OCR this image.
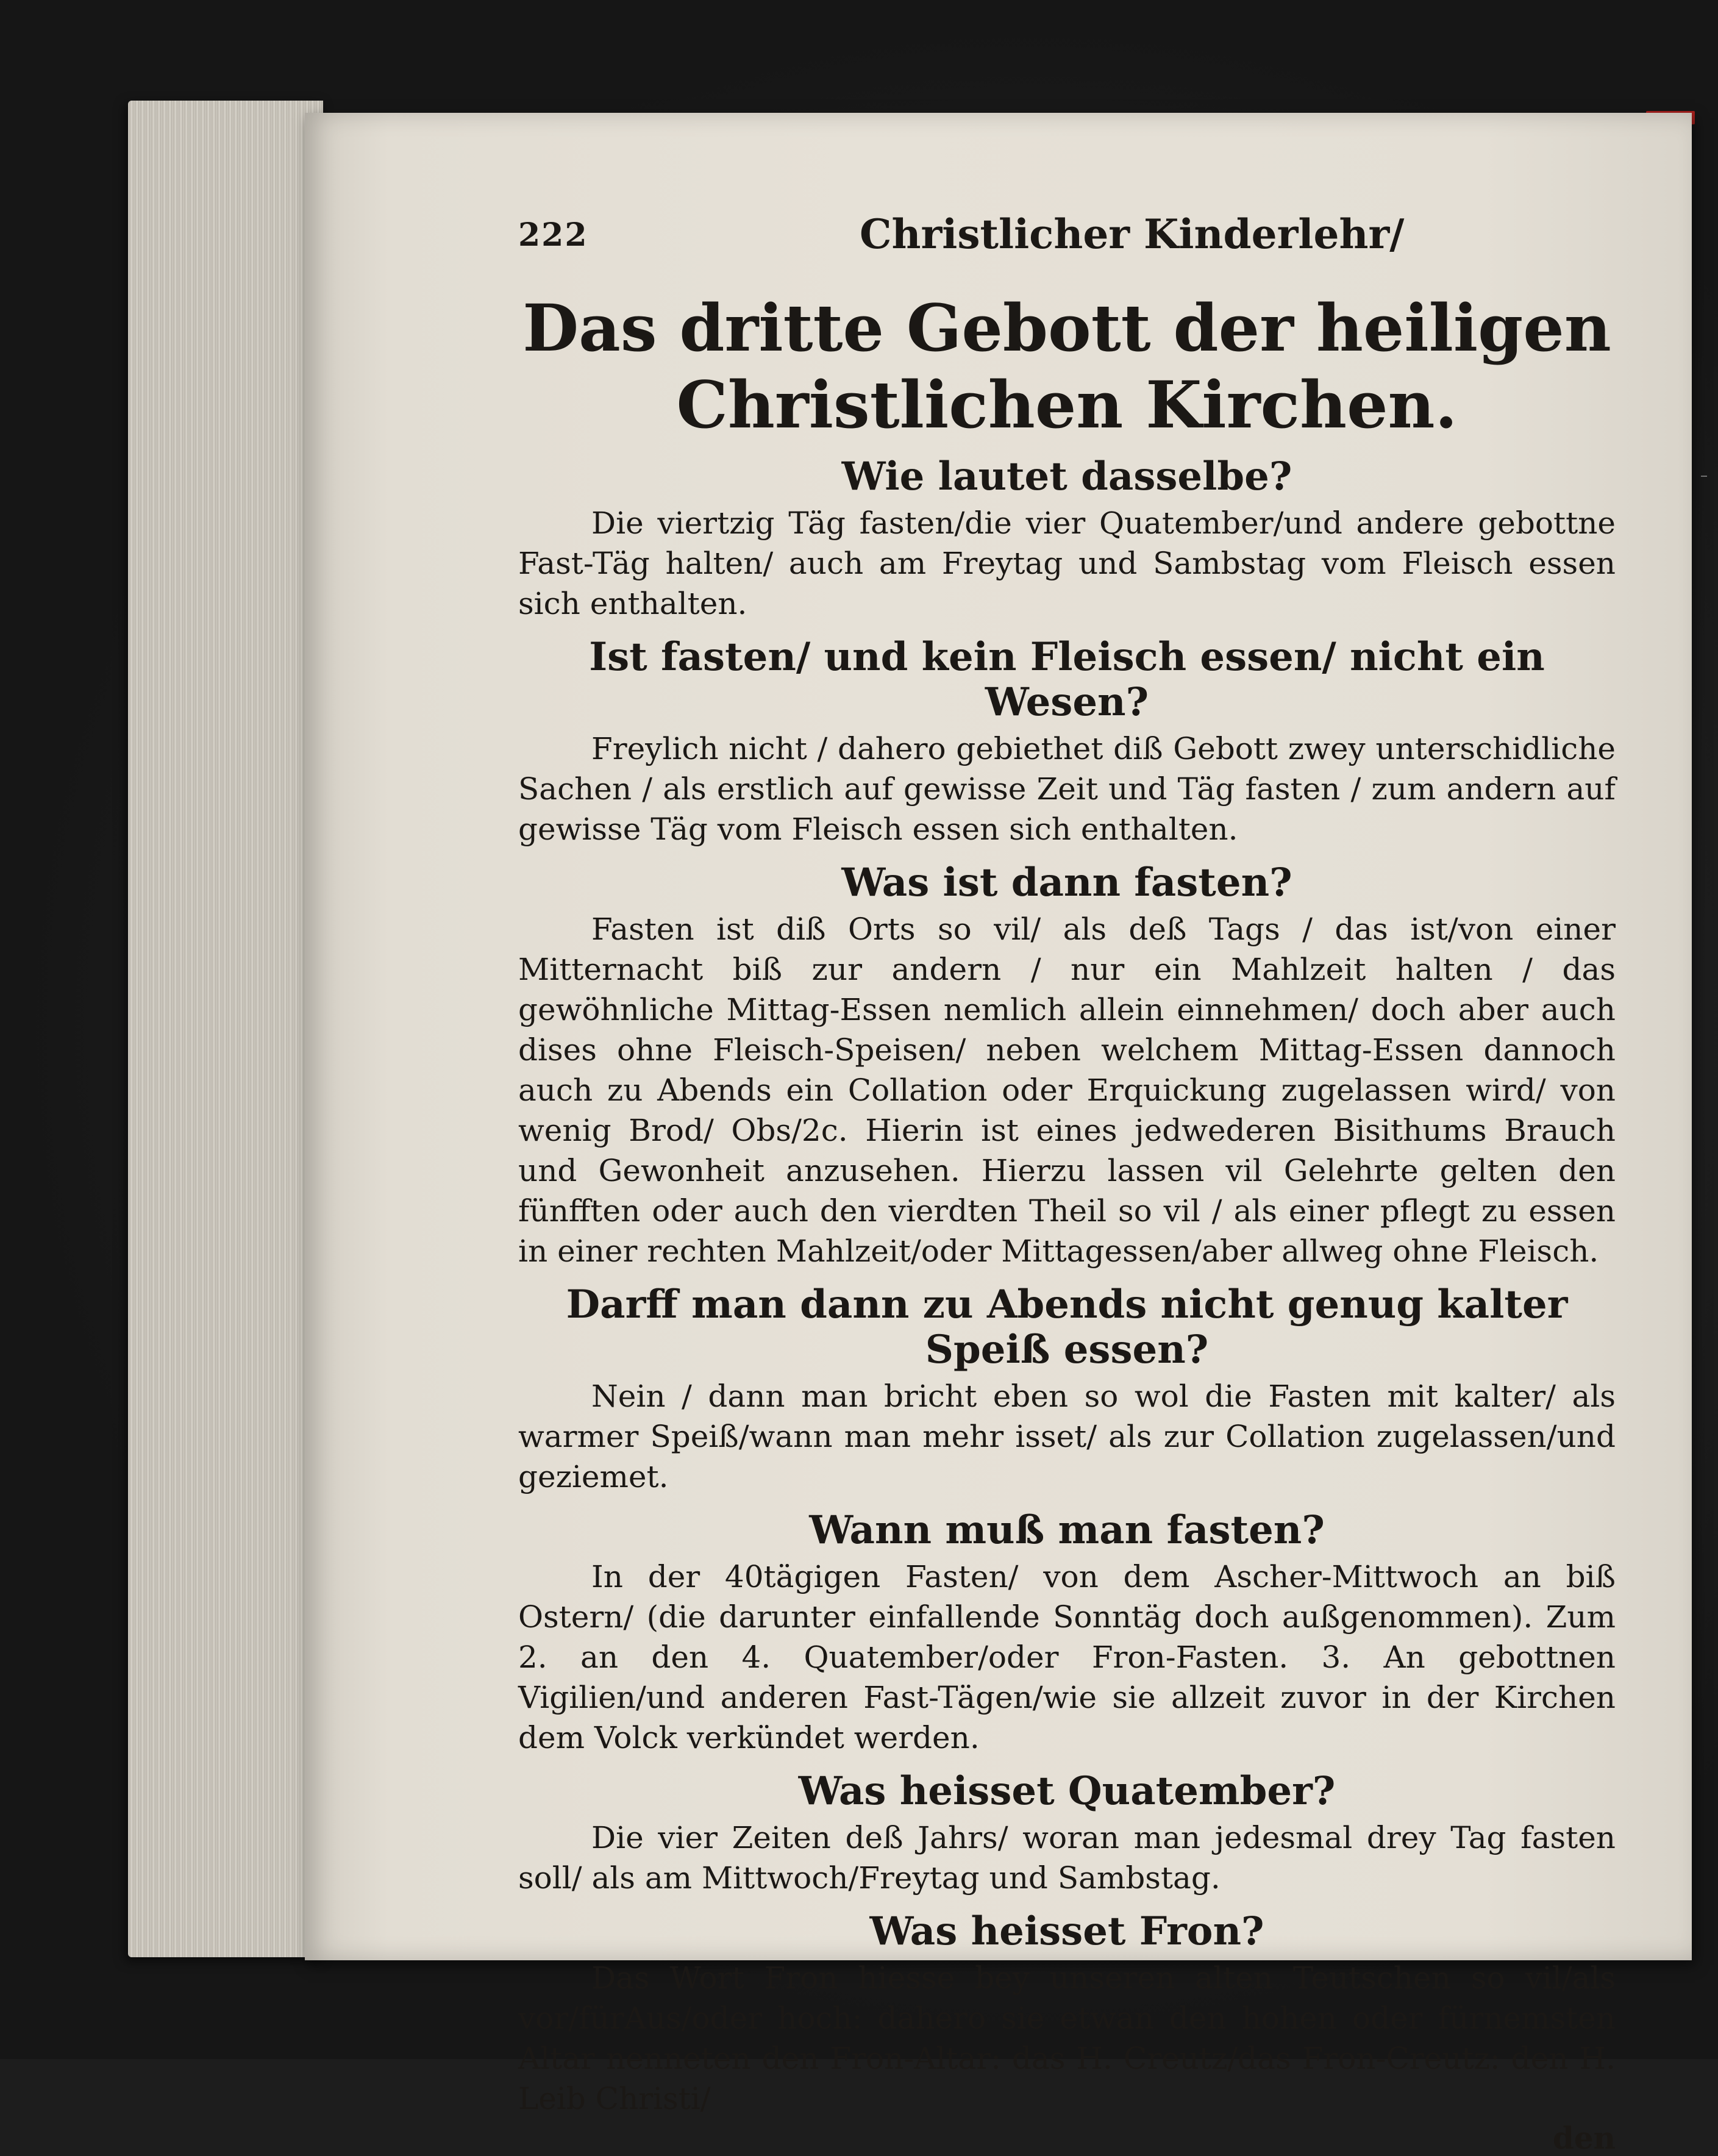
222	Christlicher Kinderlehr/
Das dritte Gebott der heiligen Christlichen Kirchen.
Wie lautet dasselbe?

Die viertzig Täg fasten/die vier Quatember/und andere gebottne Fast-Täg halten/ auch am Freytag und Sambstag vom Fleisch essen sich enthalten.

Ist fasten/ und kein Fleisch essen/ nicht ein Wesen?

Freylich nicht / dahero gebiethet diß Gebott zwey unterschidliche Sachen / als erstlich auf gewisse Zeit und Täg fasten / zum andern auf gewisse Täg vom Fleisch essen sich enthalten.

Was ist dann fasten?

Fasten ist diß Orts so vil/ als deß Tags / das ist/von einer Mitternacht biß zur andern / nur ein Mahlzeit halten / das gewöhnliche Mittag-Essen nemlich allein einnehmen/ doch aber auch dises ohne Fleisch-Speisen/ neben welchem Mittag-Essen dannoch auch zu Abends ein Collation oder Erquickung zugelassen wird/ von wenig Brod/ Obs/2c. Hierin ist eines jedwederen Bisithums Brauch und Gewonheit anzusehen. Hierzu lassen vil Gelehrte gelten den fünfften oder auch den vierdten Theil so vil / als einer pflegt zu essen in einer rechten Mahlzeit/oder Mittagessen/aber allweg ohne Fleisch.

Darff man dann zu Abends nicht genug kalter Speiß essen?

Nein / dann man bricht eben so wol die Fasten mit kalter/ als warmer Speiß/wann man mehr isset/ als zur Collation zugelassen/und geziemet.

Wann muß man fasten?

In der 40tägigen Fasten/ von dem Ascher-Mittwoch an biß Ostern/ (die darunter einfallende Sonntäg doch außgenommen). Zum 2. an den 4. Quatember/oder Fron-Fasten. 3. An gebottnen Vigilien/und anderen Fast-Tägen/wie sie allzeit zuvor in der Kirchen dem Volck verkündet werden.

Was heisset Quatember?

Die vier Zeiten deß Jahrs/ woran man jedesmal drey Tag fasten soll/ als am Mittwoch/Freytag und Sambstag.

Was heisset Fron?

Das Wort Fron hiesse bey unseren alten Teutschen so vil/als vor/fürAus/oder hoch: dahero sie etwan den hohen oder fürnemsten Altar nenneten den Fron-Altar: das H. Creutz/das Fron-Creutz: den H. Leib Christi/

den
